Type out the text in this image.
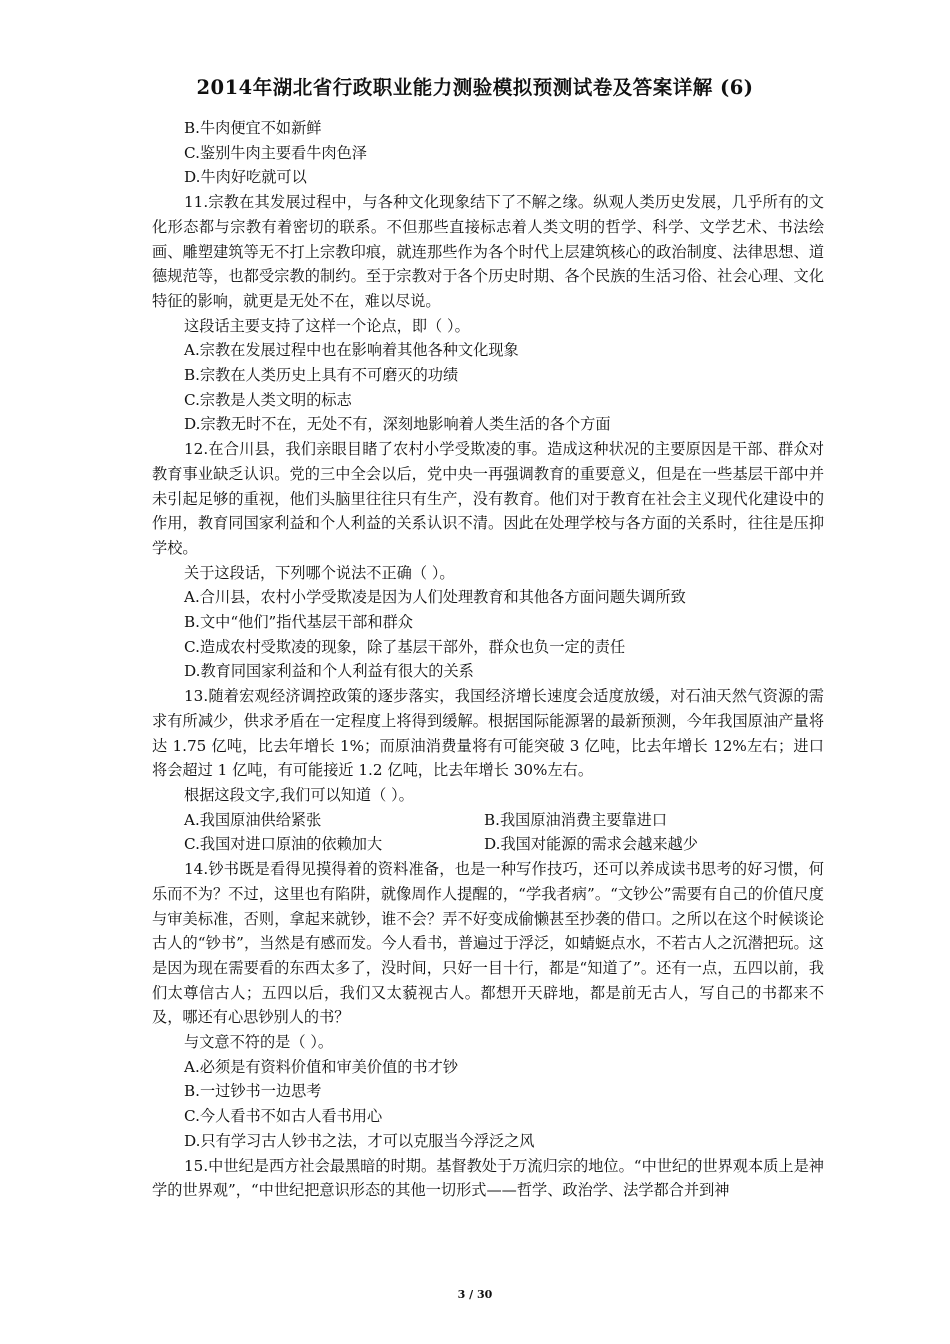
2014年湖北省行政职业能力测验模拟预测试卷及答案详解 (6)

B.牛肉便宜不如新鲜

C.鉴别牛肉主要看牛肉色泽

D.牛肉好吃就可以

11.宗教在其发展过程中，与各种文化现象结下了不解之缘。纵观人类历史发展，几乎所有的文化形态都与宗教有着密切的联系。不但那些直接标志着人类文明的哲学、科学、文学艺术、书法绘画、雕塑建筑等无不打上宗教印痕，就连那些作为各个时代上层建筑核心的政治制度、法律思想、道德规范等，也都受宗教的制约。至于宗教对于各个历史时期、各个民族的生活习俗、社会心理、文化特征的影响，就更是无处不在，难以尽说。

这段话主要支持了这样一个论点，即（ ）。

A.宗教在发展过程中也在影响着其他各种文化现象

B.宗教在人类历史上具有不可磨灭的功绩

C.宗教是人类文明的标志

D.宗教无时不在，无处不有，深刻地影响着人类生活的各个方面

12.在合川县，我们亲眼目睹了农村小学受欺凌的事。造成这种状况的主要原因是干部、群众对教育事业缺乏认识。党的三中全会以后，党中央一再强调教育的重要意义，但是在一些基层干部中并未引起足够的重视，他们头脑里往往只有生产，没有教育。他们对于教育在社会主义现代化建设中的作用，教育同国家利益和个人利益的关系认识不清。因此在处理学校与各方面的关系时，往往是压抑学校。

关于这段话，下列哪个说法不正确（ ）。

A.合川县，农村小学受欺凌是因为人们处理教育和其他各方面问题失调所致

B.文中“他们”指代基层干部和群众

C.造成农村受欺凌的现象，除了基层干部外，群众也负一定的责任

D.教育同国家利益和个人利益有很大的关系

13.随着宏观经济调控政策的逐步落实，我国经济增长速度会适度放缓，对石油天然气资源的需求有所减少，供求矛盾在一定程度上将得到缓解。根据国际能源署的最新预测，今年我国原油产量将达 1.75 亿吨，比去年增长 1%；而原油消费量将有可能突破 3 亿吨，比去年增长 12%左右；进口将会超过 1 亿吨，有可能接近 1.2 亿吨，比去年增长 30%左右。

根据这段文字,我们可以知道（ ）。

A.我国原油供给紧张	B.我国原油消费主要靠进口
C.我国对进口原油的依赖加大	D.我国对能源的需求会越来越少

14.钞书既是看得见摸得着的资料准备，也是一种写作技巧，还可以养成读书思考的好习惯，何乐而不为？不过，这里也有陷阱，就像周作人提醒的，“学我者病”。“文钞公”需要有自己的价值尺度与审美标准，否则，拿起来就钞，谁不会？弄不好变成偷懒甚至抄袭的借口。之所以在这个时候谈论古人的“钞书”，当然是有感而发。今人看书，普遍过于浮泛，如蜻蜓点水，不若古人之沉潜把玩。这是因为现在需要看的东西太多了，没时间，只好一目十行，都是“知道了”。还有一点，五四以前，我们太尊信古人；五四以后，我们又太藐视古人。都想开天辟地，都是前无古人，写自己的书都来不及，哪还有心思钞别人的书？

与文意不符的是（ ）。

A.必须是有资料价值和审美价值的书才钞

B.一过钞书一边思考

C.今人看书不如古人看书用心

D.只有学习古人钞书之法，才可以克服当今浮泛之风

15.中世纪是西方社会最黑暗的时期。基督教处于万流归宗的地位。“中世纪的世界观本质上是神学的世界观”，“中世纪把意识形态的其他一切形式——哲学、政治学、法学都合并到神

3 / 30
